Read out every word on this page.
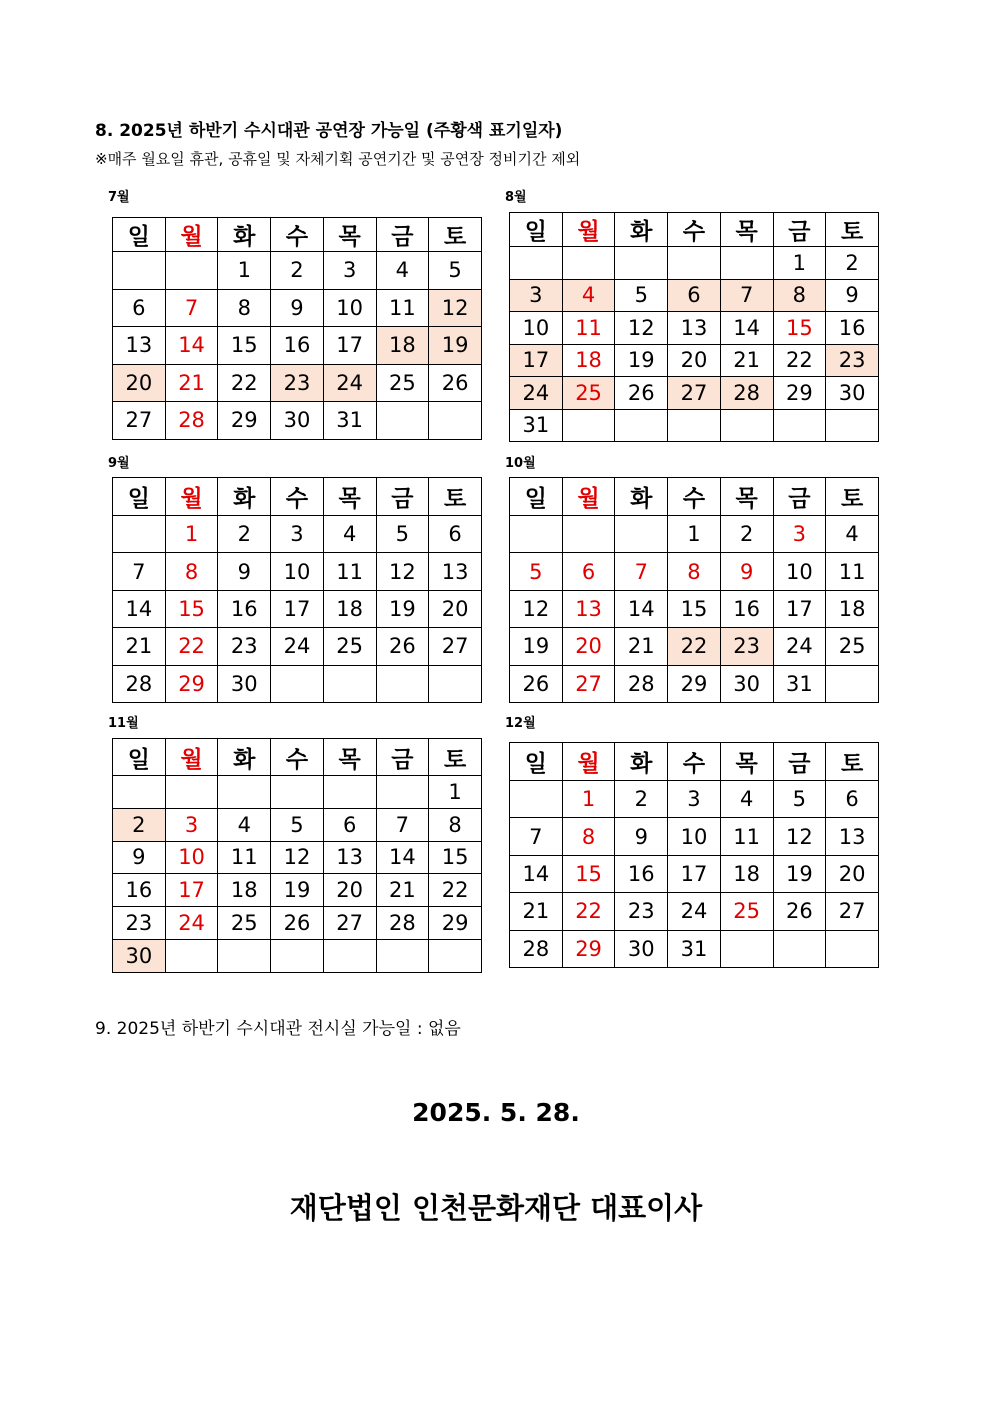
8. 2025년 하반기 수시대관 공연장 가능일 (주황색 표기일자)
※매주 월요일 휴관, 공휴일 및 자체기획 공연기간 및 공연장 정비기간 제외
7월
일	월	화	수	목	금	토
		1	2	3	4	5
6	7	8	9	10	11	12
13	14	15	16	17	18	19
20	21	22	23	24	25	26
27	28	29	30	31		
8월
일	월	화	수	목	금	토
					1	2
3	4	5	6	7	8	9
10	11	12	13	14	15	16
17	18	19	20	21	22	23
24	25	26	27	28	29	30
31						
9월
일	월	화	수	목	금	토
	1	2	3	4	5	6
7	8	9	10	11	12	13
14	15	16	17	18	19	20
21	22	23	24	25	26	27
28	29	30				
10월
일	월	화	수	목	금	토
			1	2	3	4
5	6	7	8	9	10	11
12	13	14	15	16	17	18
19	20	21	22	23	24	25
26	27	28	29	30	31	
11월
일	월	화	수	목	금	토
						1
2	3	4	5	6	7	8
9	10	11	12	13	14	15
16	17	18	19	20	21	22
23	24	25	26	27	28	29
30						
12월
일	월	화	수	목	금	토
	1	2	3	4	5	6
7	8	9	10	11	12	13
14	15	16	17	18	19	20
21	22	23	24	25	26	27
28	29	30	31			
9. 2025년 하반기 수시대관 전시실 가능일 : 없음
2025. 5. 28.
재단법인 인천문화재단 대표이사
